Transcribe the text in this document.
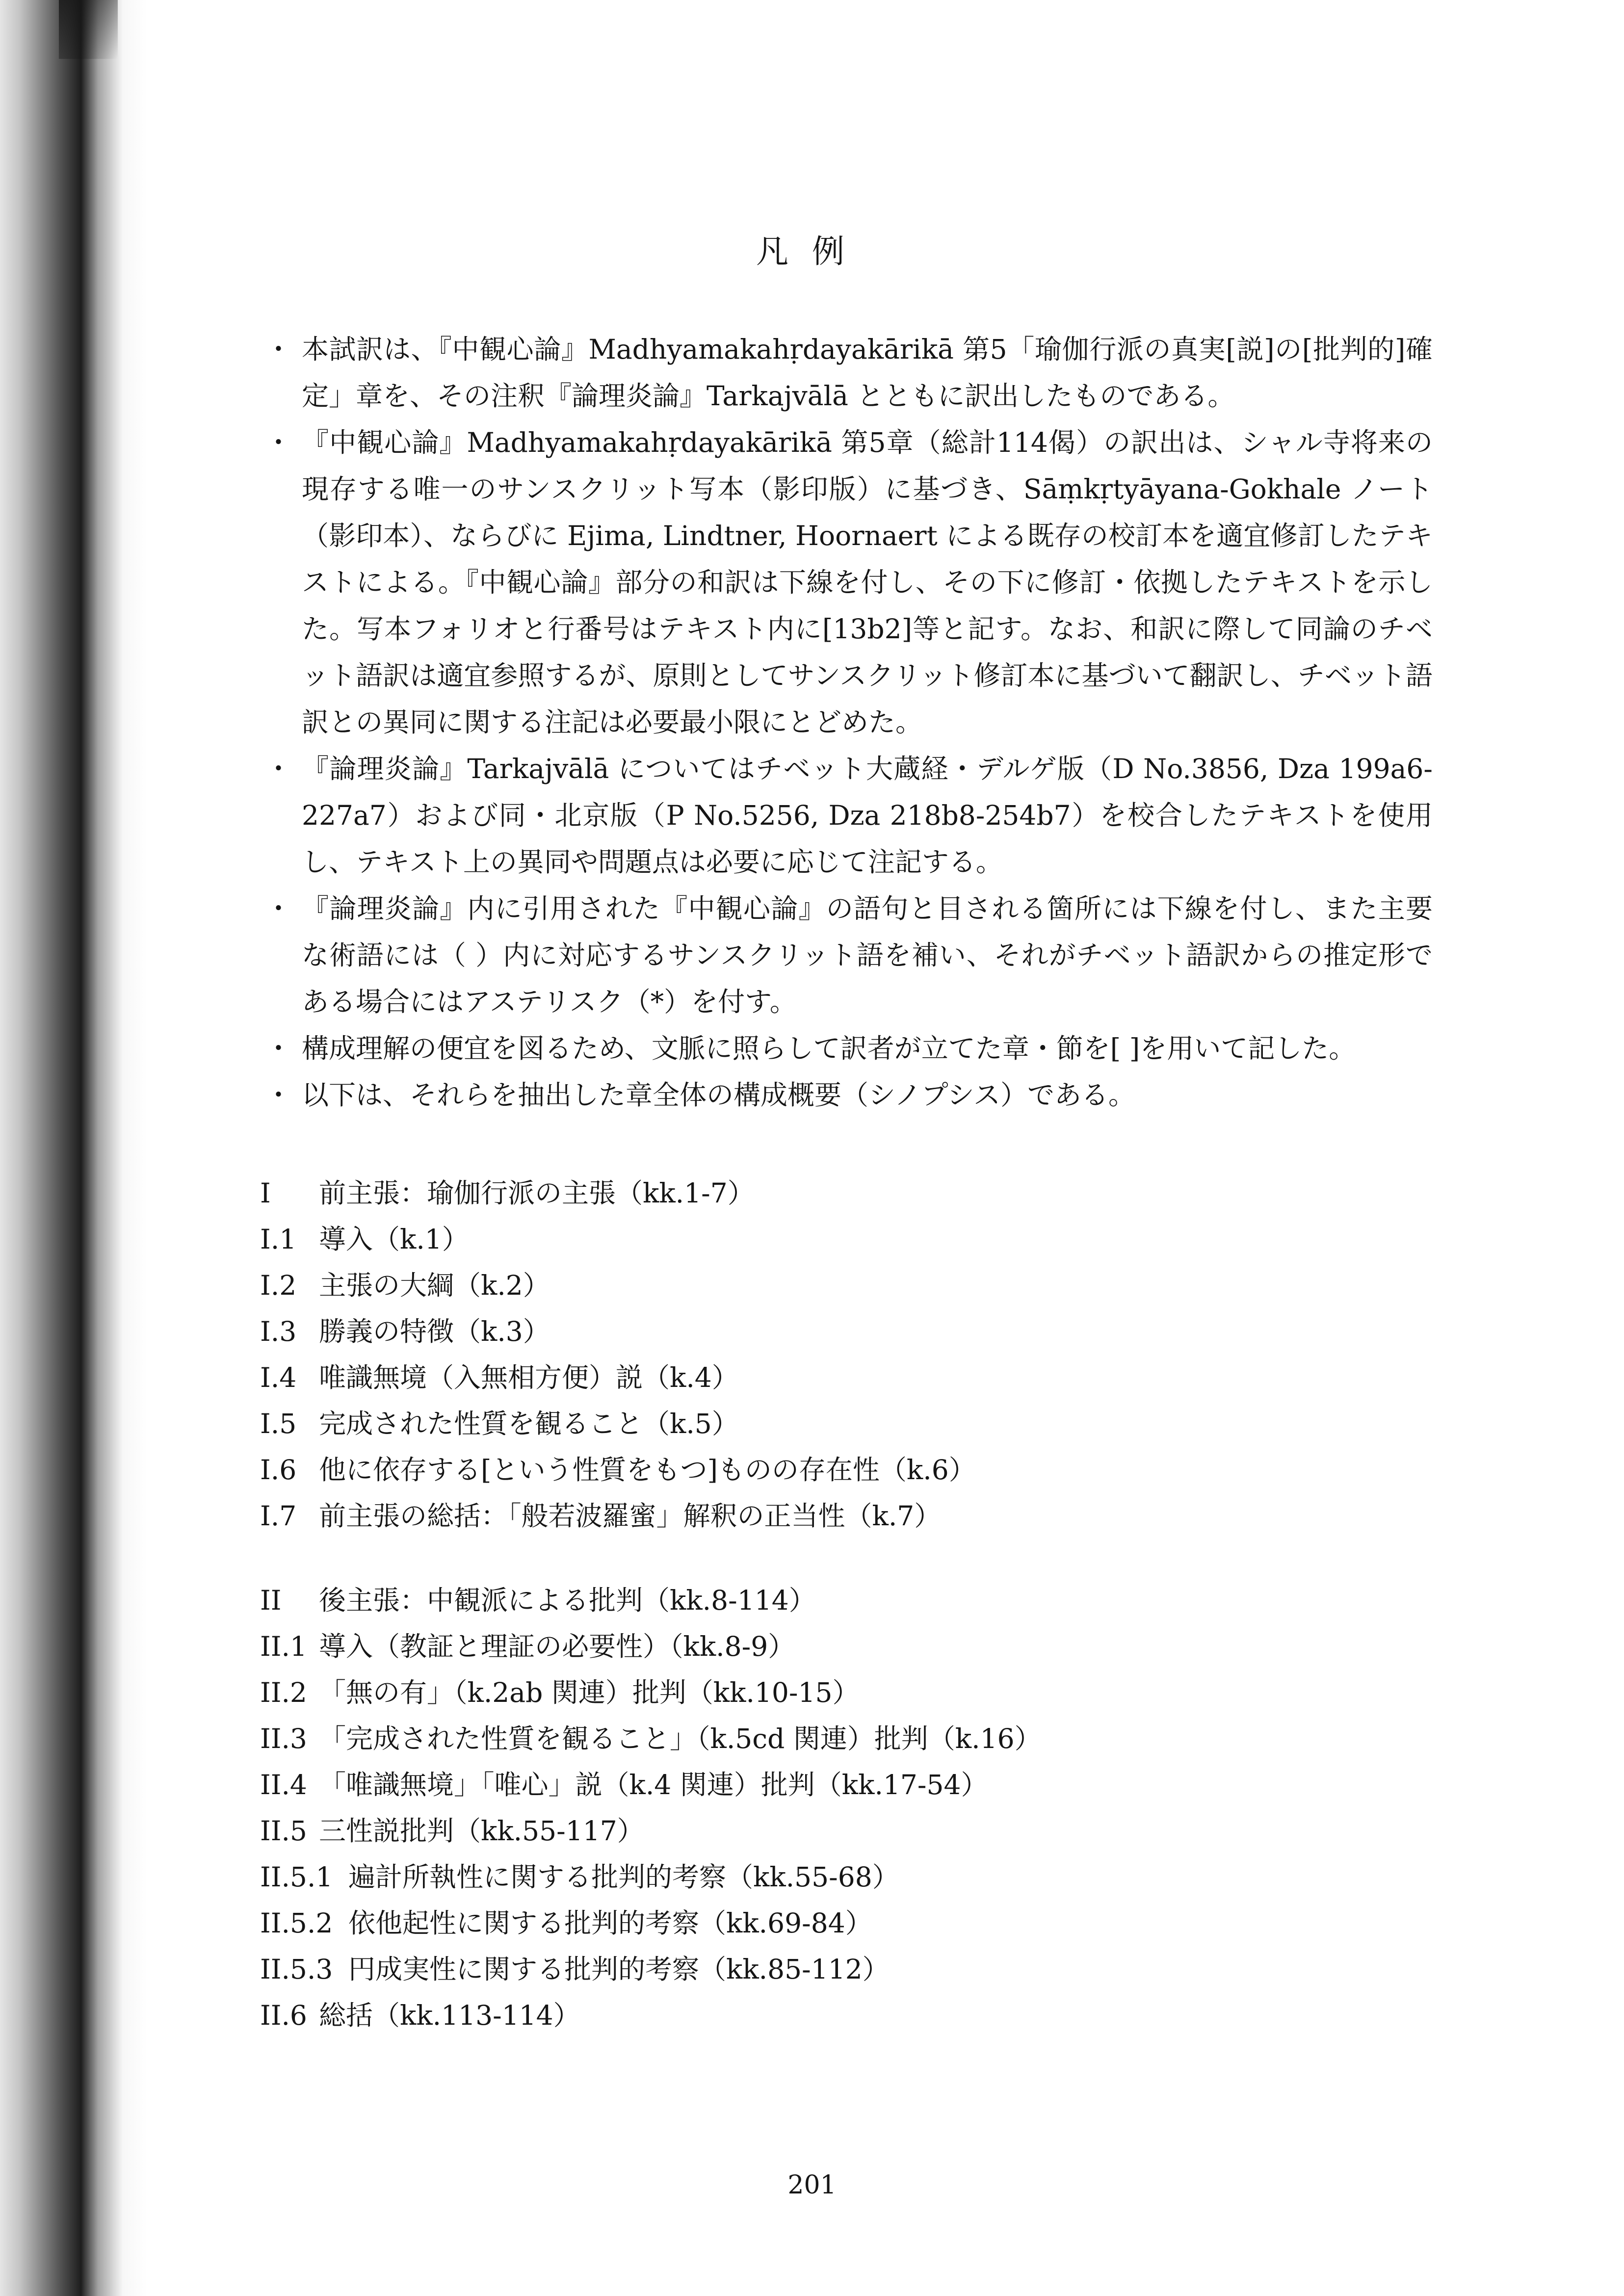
凡例
・ 本試訳は、『中観心論』Madhyamakahṛdayakārikā 第5「瑜伽行派の真実[説]の[批判的]確定」章を、その注釈『論理炎論』Tarkajvālā とともに訳出したものである。
・ 『中観心論』Madhyamakahṛdayakārikā 第5章（総計114偈）の訳出は、シャル寺将来の現存する唯一のサンスクリット写本（影印版）に基づき、Sāṃkṛtyāyana-Gokhale ノート（影印本）、ならびに Ejima, Lindtner, Hoornaert による既存の校訂本を適宜修訂したテキストによる。『中観心論』部分の和訳は下線を付し、その下に修訂・依拠したテキストを示した。写本フォリオと行番号はテキスト内に[13b2]等と記す。なお、和訳に際して同論のチベット語訳は適宜参照するが、原則としてサンスクリット修訂本に基づいて翻訳し、チベット語訳との異同に関する注記は必要最小限にとどめた。
・ 『論理炎論』Tarkajvālā についてはチベット大蔵経・デルゲ版（D No.3856, Dza 199a6-227a7）および同・北京版（P No.5256, Dza 218b8-254b7）を校合したテキストを使用し、テキスト上の異同や問題点は必要に応じて注記する。
・ 『論理炎論』内に引用された『中観心論』の語句と目される箇所には下線を付し、また主要な術語には（ ）内に対応するサンスクリット語を補い、それがチベット語訳からの推定形である場合にはアステリスク（*）を付す。
・ 構成理解の便宜を図るため、文脈に照らして訳者が立てた章・節を[ ]を用いて記した。
・ 以下は、それらを抽出した章全体の構成概要（シノプシス）である。
I	前主張：瑜伽行派の主張（kk.1-7）
I.1 導入（k.1）
I.2 主張の大綱（k.2）
I.3 勝義の特徴（k.3）
I.4 唯識無境（入無相方便）説（k.4）
I.5 完成された性質を観ること（k.5）
I.6 他に依存する[という性質をもつ]ものの存在性（k.6）
I.7 前主張の総括：「般若波羅蜜」解釈の正当性（k.7）
II	後主張：中観派による批判（kk.8-114）
II.1 導入（教証と理証の必要性）（kk.8-9）
II.2 「無の有」（k.2ab 関連）批判（kk.10-15）
II.3 「完成された性質を観ること」（k.5cd 関連）批判（k.16）
II.4 「唯識無境」「唯心」説（k.4 関連）批判（kk.17-54）
II.5 三性説批判（kk.55-117）
II.5.1 遍計所執性に関する批判的考察（kk.55-68）
II.5.2 依他起性に関する批判的考察（kk.69-84）
II.5.3 円成実性に関する批判的考察（kk.85-112）
II.6 総括（kk.113-114）
201
